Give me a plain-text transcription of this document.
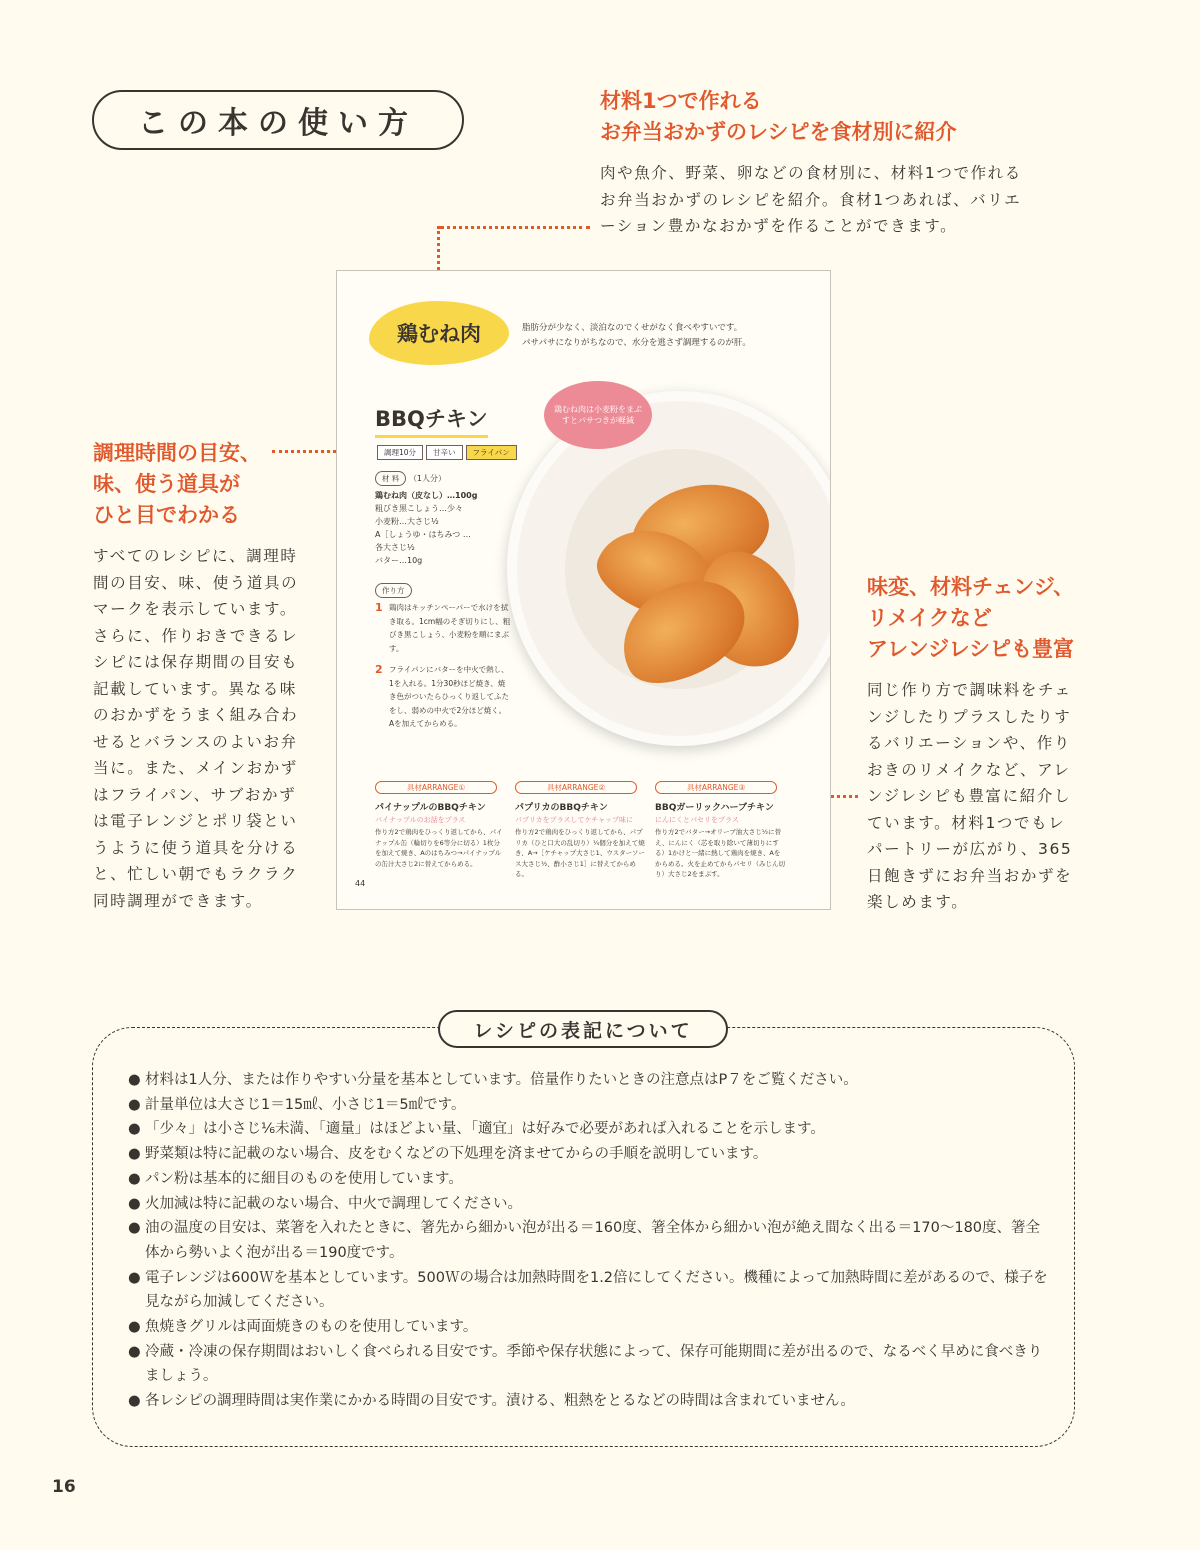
この本の使い方
材料1つで作れる
お弁当おかずのレシピを食材別に紹介
肉や魚介、野菜、卵などの食材別に、材料1つで作れるお弁当おかずのレシピを紹介。食材1つあれば、バリエーション豊かなおかずを作ることができます。
調理時間の目安、
味、使う道具が
ひと目でわかる
すべてのレシピに、調理時間の目安、味、使う道具のマークを表示しています。さらに、作りおきできるレシピには保存期間の目安も記載しています。異なる味のおかずをうまく組み合わせるとバランスのよいお弁当に。また、メインおかずはフライパン、サブおかずは電子レンジとポリ袋というように使う道具を分けると、忙しい朝でもラクラク同時調理ができます。
味変、材料チェンジ、
リメイクなど
アレンジレシピも豊富
同じ作り方で調味料をチェンジしたりプラスしたりするバリエーションや、作りおきのリメイクなど、アレンジレシピも豊富に紹介しています。材料1つでもレパートリーが広がり、365日飽きずにお弁当おかずを楽しめます。
鶏むね肉	脂肪分が少なく、淡泊なのでくせがなく食べやすいです。
パサパサになりがちなので、水分を逃さず調理するのが肝。
鶏むね肉は小麦粉をまぶすとパサつきが軽減
BBQチキン
調理10分	甘辛い	フライパン
材 料 （1人分）
鶏むね肉（皮なし）…100g
粗びき黒こしょう…少々
小麦粉…大さじ½
A［しょうゆ・はちみつ …各大さじ½
バター…10g
作り方
1 鶏肉はキッチンペーパーで水けを拭き取る。1cm幅のそぎ切りにし、粗びき黒こしょう、小麦粉を順にまぶす。
2 フライパンにバターを中火で熱し、1を入れる。1分30秒ほど焼き、焼き色がついたらひっくり返してふたをし、弱めの中火で2分ほど焼く。Aを加えてからめる。
具材ARRANGE①
パイナップルのBBQチキン
パイナップルのお話をプラス
作り方2で鶏肉をひっくり返してから、パイナップル缶（輪切りを6等分に切る）1枚分を加えて焼き、Aのはちみつ→パイナップルの缶汁大さじ2に替えてからめる。
具材ARRANGE②
パプリカのBBQチキン
パプリカをプラスしてケチャップ味に
作り方2で鶏肉をひっくり返してから、パプリカ（ひと口大の乱切り）¼個分を加えて焼き、A→［ケチャップ大さじ1、ウスターソース大さじ½、酢小さじ1］に替えてからめる。
具材ARRANGE③
BBQガーリックハーブチキン
にんにくとパセリをプラス
作り方2でバター→オリーブ油大さじ½に替え、にんにく（芯を取り除いて薄切りにする）1かけと一緒に熱して鶏肉を焼き、Aをからめる。火を止めてからパセリ（みじん切り）大さじ2をまぶす。
44
レシピの表記について
● 材料は1人分、または作りやすい分量を基本としています。倍量作りたいときの注意点はP７をご覧ください。
● 計量単位は大さじ1＝15㎖、小さじ1＝5㎖です。
● 「少々」は小さじ⅙未満、「適量」はほどよい量、「適宜」は好みで必要があれば入れることを示します。
● 野菜類は特に記載のない場合、皮をむくなどの下処理を済ませてからの手順を説明しています。
● パン粉は基本的に細目のものを使用しています。
● 火加減は特に記載のない場合、中火で調理してください。
● 油の温度の目安は、菜箸を入れたときに、箸先から細かい泡が出る＝160度、箸全体から細かい泡が絶え間なく出る＝170〜180度、箸全体から勢いよく泡が出る＝190度です。
● 電子レンジは600Ｗを基本としています。500Ｗの場合は加熱時間を1.2倍にしてください。機種によって加熱時間に差があるので、様子を見ながら加減してください。
● 魚焼きグリルは両面焼きのものを使用しています。
● 冷蔵・冷凍の保存期間はおいしく食べられる目安です。季節や保存状態によって、保存可能期間に差が出るので、なるべく早めに食べきりましょう。
● 各レシピの調理時間は実作業にかかる時間の目安です。漬ける、粗熱をとるなどの時間は含まれていません。
16
